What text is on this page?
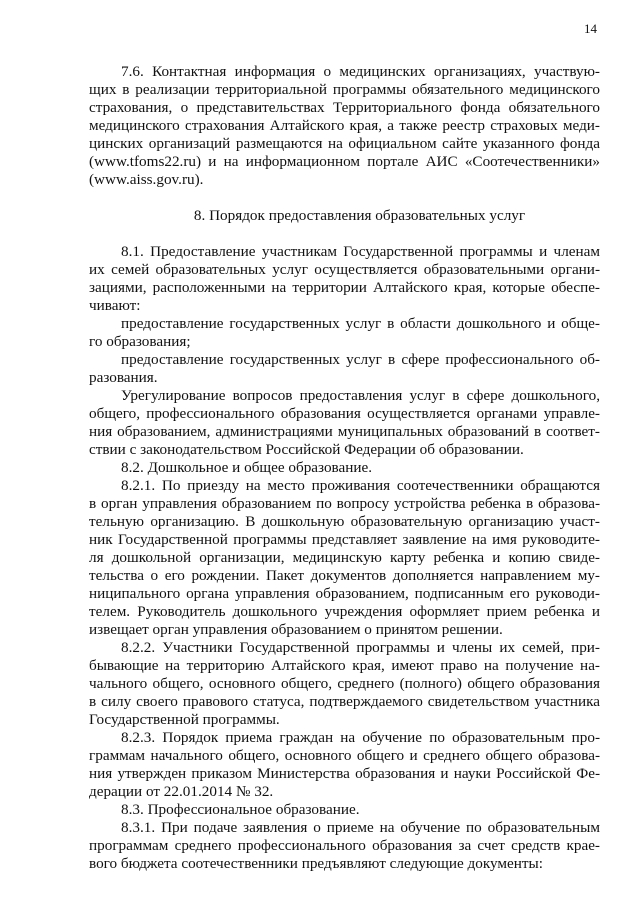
14
7.6. Контактная информация о медицинских организациях, участвую-
щих в реализации территориальной программы обязательного медицинского
страхования, о представительствах Территориального фонда обязательного
медицинского страхования Алтайского края, а также реестр страховых меди-
цинских организаций размещаются на официальном сайте указанного фонда
(www.tfoms22.ru) и на информационном портале АИС «Соотечественники»
(www.aiss.gov.ru).
8. Порядок предоставления образовательных услуг
8.1. Предоставление участникам Государственной программы и членам
их семей образовательных услуг осуществляется образовательными органи-
зациями, расположенными на территории Алтайского края, которые обеспе-
чивают:
предоставление государственных услуг в области дошкольного и обще-
го образования;
предоставление государственных услуг в сфере профессионального об-
разования.
Урегулирование вопросов предоставления услуг в сфере дошкольного,
общего, профессионального образования осуществляется органами управле-
ния образованием, администрациями муниципальных образований в соответ-
ствии с законодательством Российской Федерации об образовании.
8.2. Дошкольное и общее образование.
8.2.1. По приезду на место проживания соотечественники обращаются
в орган управления образованием по вопросу устройства ребенка в образова-
тельную организацию. В дошкольную образовательную организацию участ-
ник Государственной программы представляет заявление на имя руководите-
ля дошкольной организации, медицинскую карту ребенка и копию свиде-
тельства о его рождении. Пакет документов дополняется направлением му-
ниципального органа управления образованием, подписанным его руководи-
телем. Руководитель дошкольного учреждения оформляет прием ребенка и
извещает орган управления образованием о принятом решении.
8.2.2. Участники Государственной программы и члены их семей, при-
бывающие на территорию Алтайского края, имеют право на получение на-
чального общего, основного общего, среднего (полного) общего образования
в силу своего правового статуса, подтверждаемого свидетельством участника
Государственной программы.
8.2.3. Порядок приема граждан на обучение по образовательным про-
граммам начального общего, основного общего и среднего общего образова-
ния утвержден приказом Министерства образования и науки Российской Фе-
дерации от 22.01.2014 № 32.
8.3. Профессиональное образование.
8.3.1. При подаче заявления о приеме на обучение по образовательным
программам среднего профессионального образования за счет средств крае-
вого бюджета соотечественники предъявляют следующие документы:
